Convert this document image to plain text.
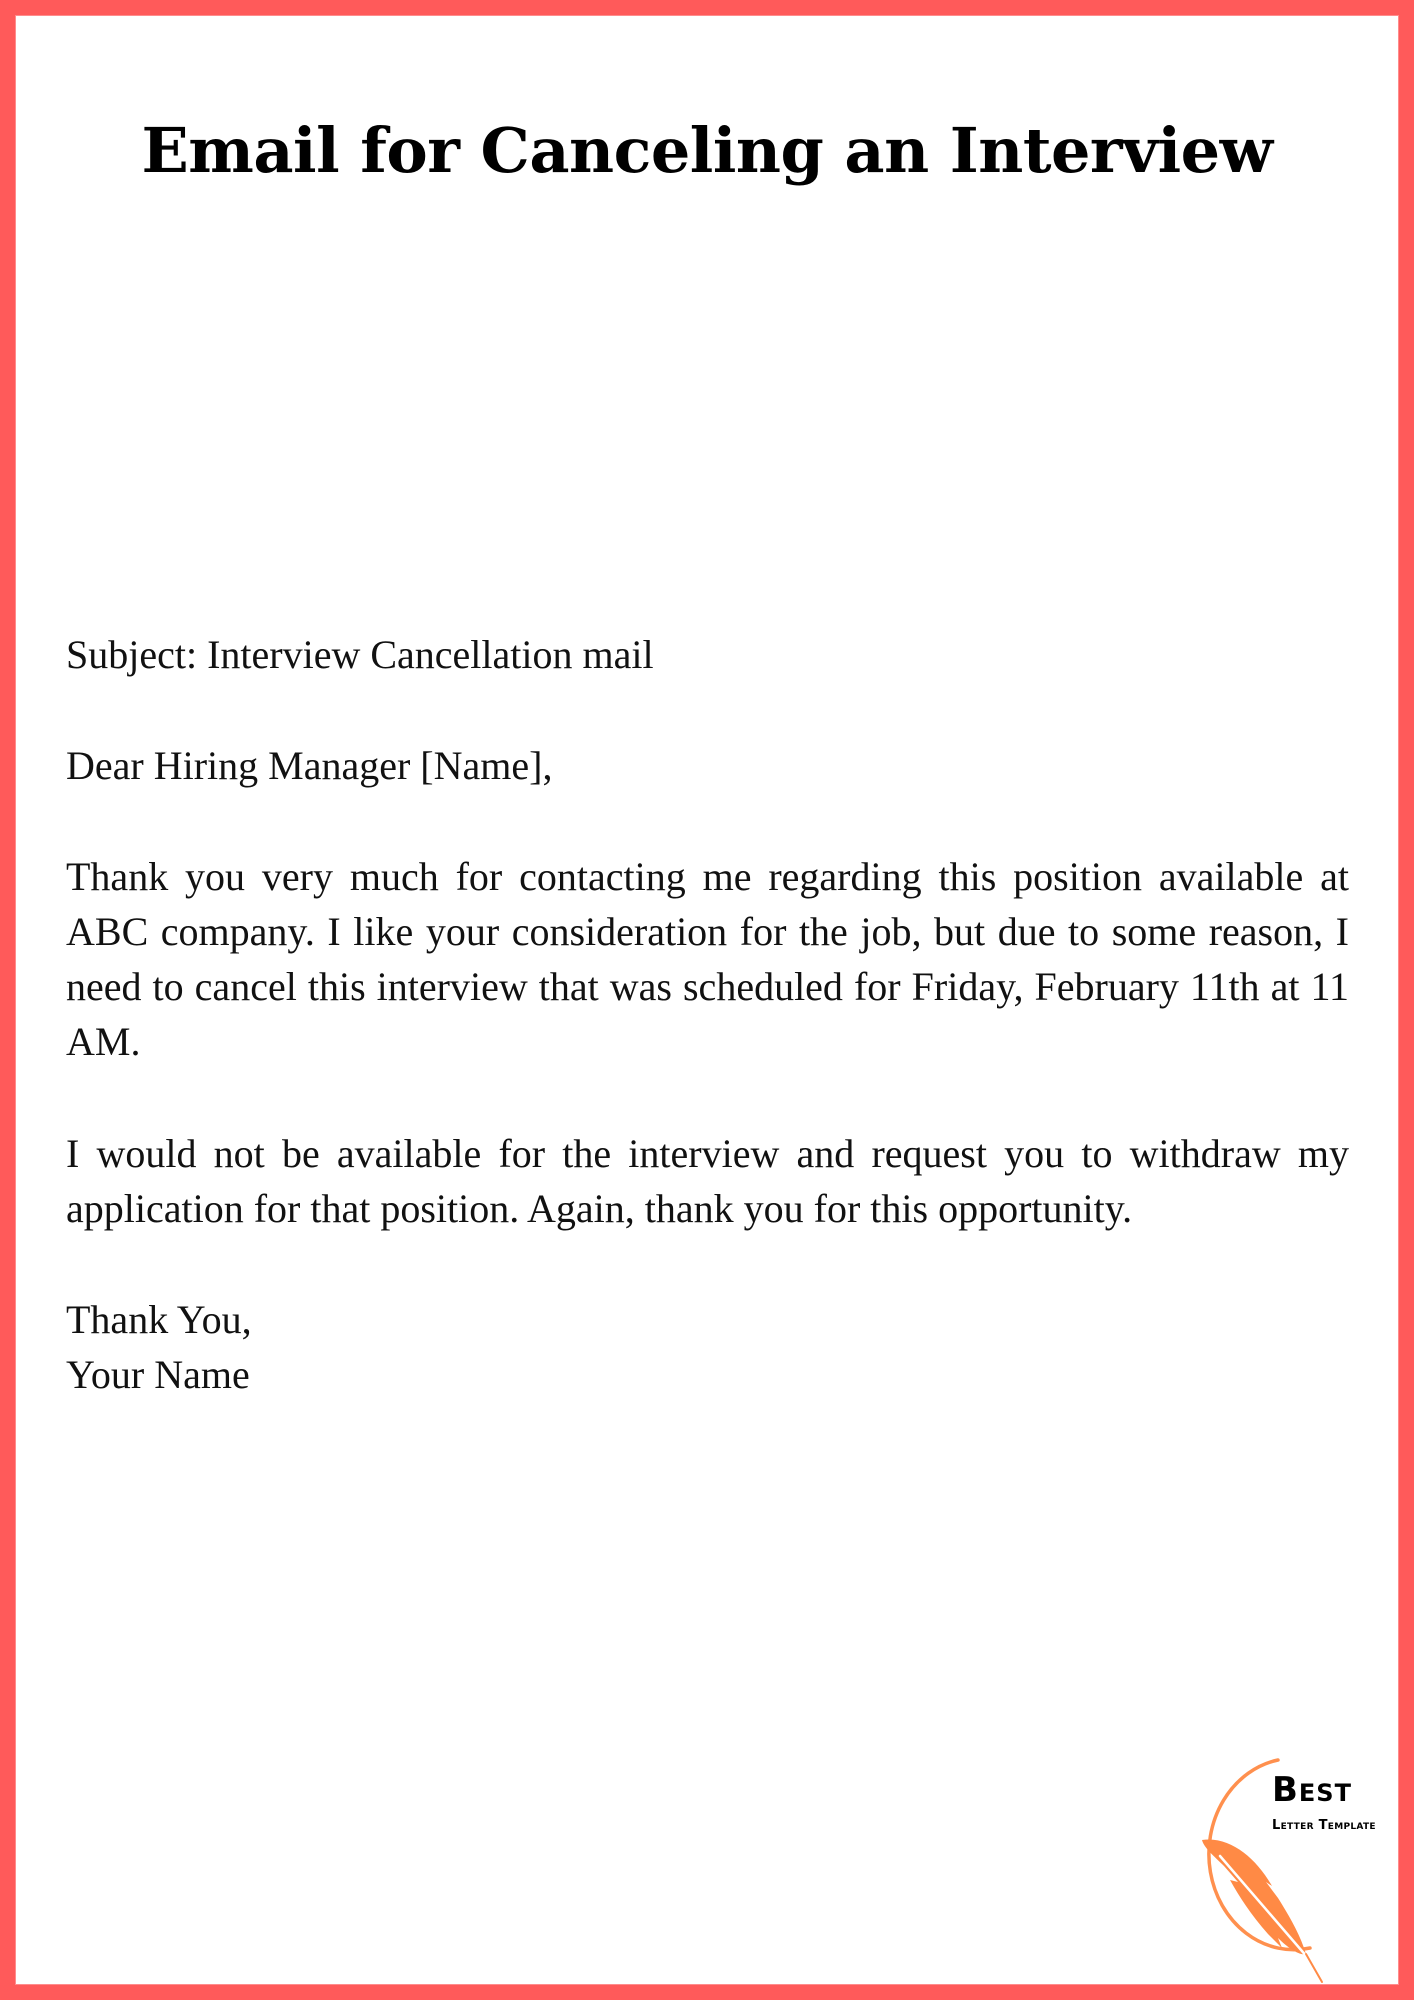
Email for Canceling an Interview

Subject: Interview Cancellation mail

Dear Hiring Manager [Name],

Thank you very much for contacting me regarding this position available at ABC company. I like your consideration for the job, but due to some reason, I need to cancel this interview that was scheduled for Friday, February 11th at 11 AM.

I would not be available for the interview and request you to withdraw my application for that position. Again, thank you for this opportunity.

Thank You,

Your Name

Best
Letter Template
